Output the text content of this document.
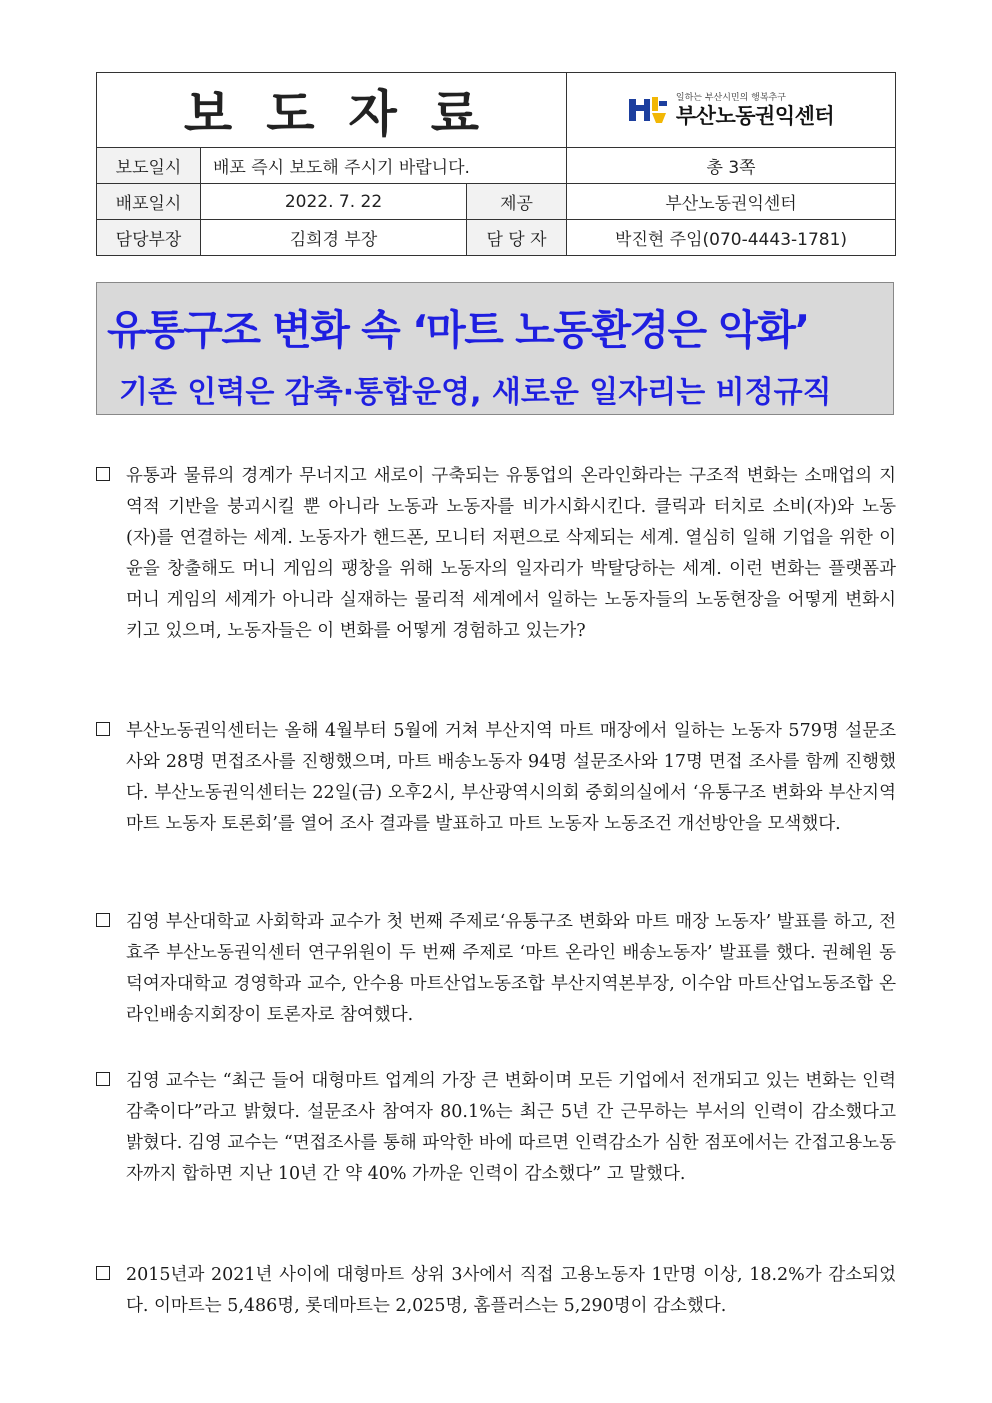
보도자료			일하는 부산시민의 행복추구
부산노동권익센터

보도일시	배포 즉시 보도해 주시기 바랍니다.		총 3쪽
배포일시	2022. 7. 22	제공	부산노동권익센터
담당부장	김희경 부장	담 당 자	박진현 주임(070-4443-1781)
유통구조 변화 속 ‘마트 노동환경은 악화’
기존 인력은 감축·통합운영, 새로운 일자리는 비정규직
유통과 물류의 경계가 무너지고 새로이 구축되는 유통업의 온라인화라는 구조적 변화는 소매업의 지역적 기반을 붕괴시킬 뿐 아니라 노동과 노동자를 비가시화시킨다. 클릭과 터치로 소비(자)와 노동(자)를 연결하는 세계. 노동자가 핸드폰, 모니터 저편으로 삭제되는 세계. 열심히 일해 기업을 위한 이윤을 창출해도 머니 게임의 팽창을 위해 노동자의 일자리가 박탈당하는 세계. 이런 변화는 플랫폼과 머니 게임의 세계가 아니라 실재하는 물리적 세계에서 일하는 노동자들의 노동현장을 어떻게 변화시키고 있으며, 노동자들은 이 변화를 어떻게 경험하고 있는가?
부산노동권익센터는 올해 4월부터 5월에 거쳐 부산지역 마트 매장에서 일하는 노동자 579명 설문조사와 28명 면접조사를 진행했으며, 마트 배송노동자 94명 설문조사와 17명 면접 조사를 함께 진행했다. 부산노동권익센터는 22일(금) 오후2시, 부산광역시의회 중회의실에서 ‘유통구조 변화와 부산지역 마트 노동자 토론회’를 열어 조사 결과를 발표하고 마트 노동자 노동조건 개선방안을 모색했다.
김영 부산대학교 사회학과 교수가 첫 번째 주제로‘유통구조 변화와 마트 매장 노동자’ 발표를 하고, 전효주 부산노동권익센터 연구위원이 두 번째 주제로 ‘마트 온라인 배송노동자’ 발표를 했다. 권혜원 동덕여자대학교 경영학과 교수, 안수용 마트산업노동조합 부산지역본부장, 이수암 마트산업노동조합 온라인배송지회장이 토론자로 참여했다.
김영 교수는 “최근 들어 대형마트 업계의 가장 큰 변화이며 모든 기업에서 전개되고 있는 변화는 인력감축이다”라고 밝혔다. 설문조사 참여자 80.1%는 최근 5년 간 근무하는 부서의 인력이 감소했다고 밝혔다. 김영 교수는 “면접조사를 통해 파악한 바에 따르면 인력감소가 심한 점포에서는 간접고용노동자까지 합하면 지난 10년 간 약 40% 가까운 인력이 감소했다” 고 말했다.
2015년과 2021년 사이에 대형마트 상위 3사에서 직접 고용노동자 1만명 이상, 18.2%가 감소되었다. 이마트는 5,486명, 롯데마트는 2,025명, 홈플러스는 5,290명이 감소했다.
